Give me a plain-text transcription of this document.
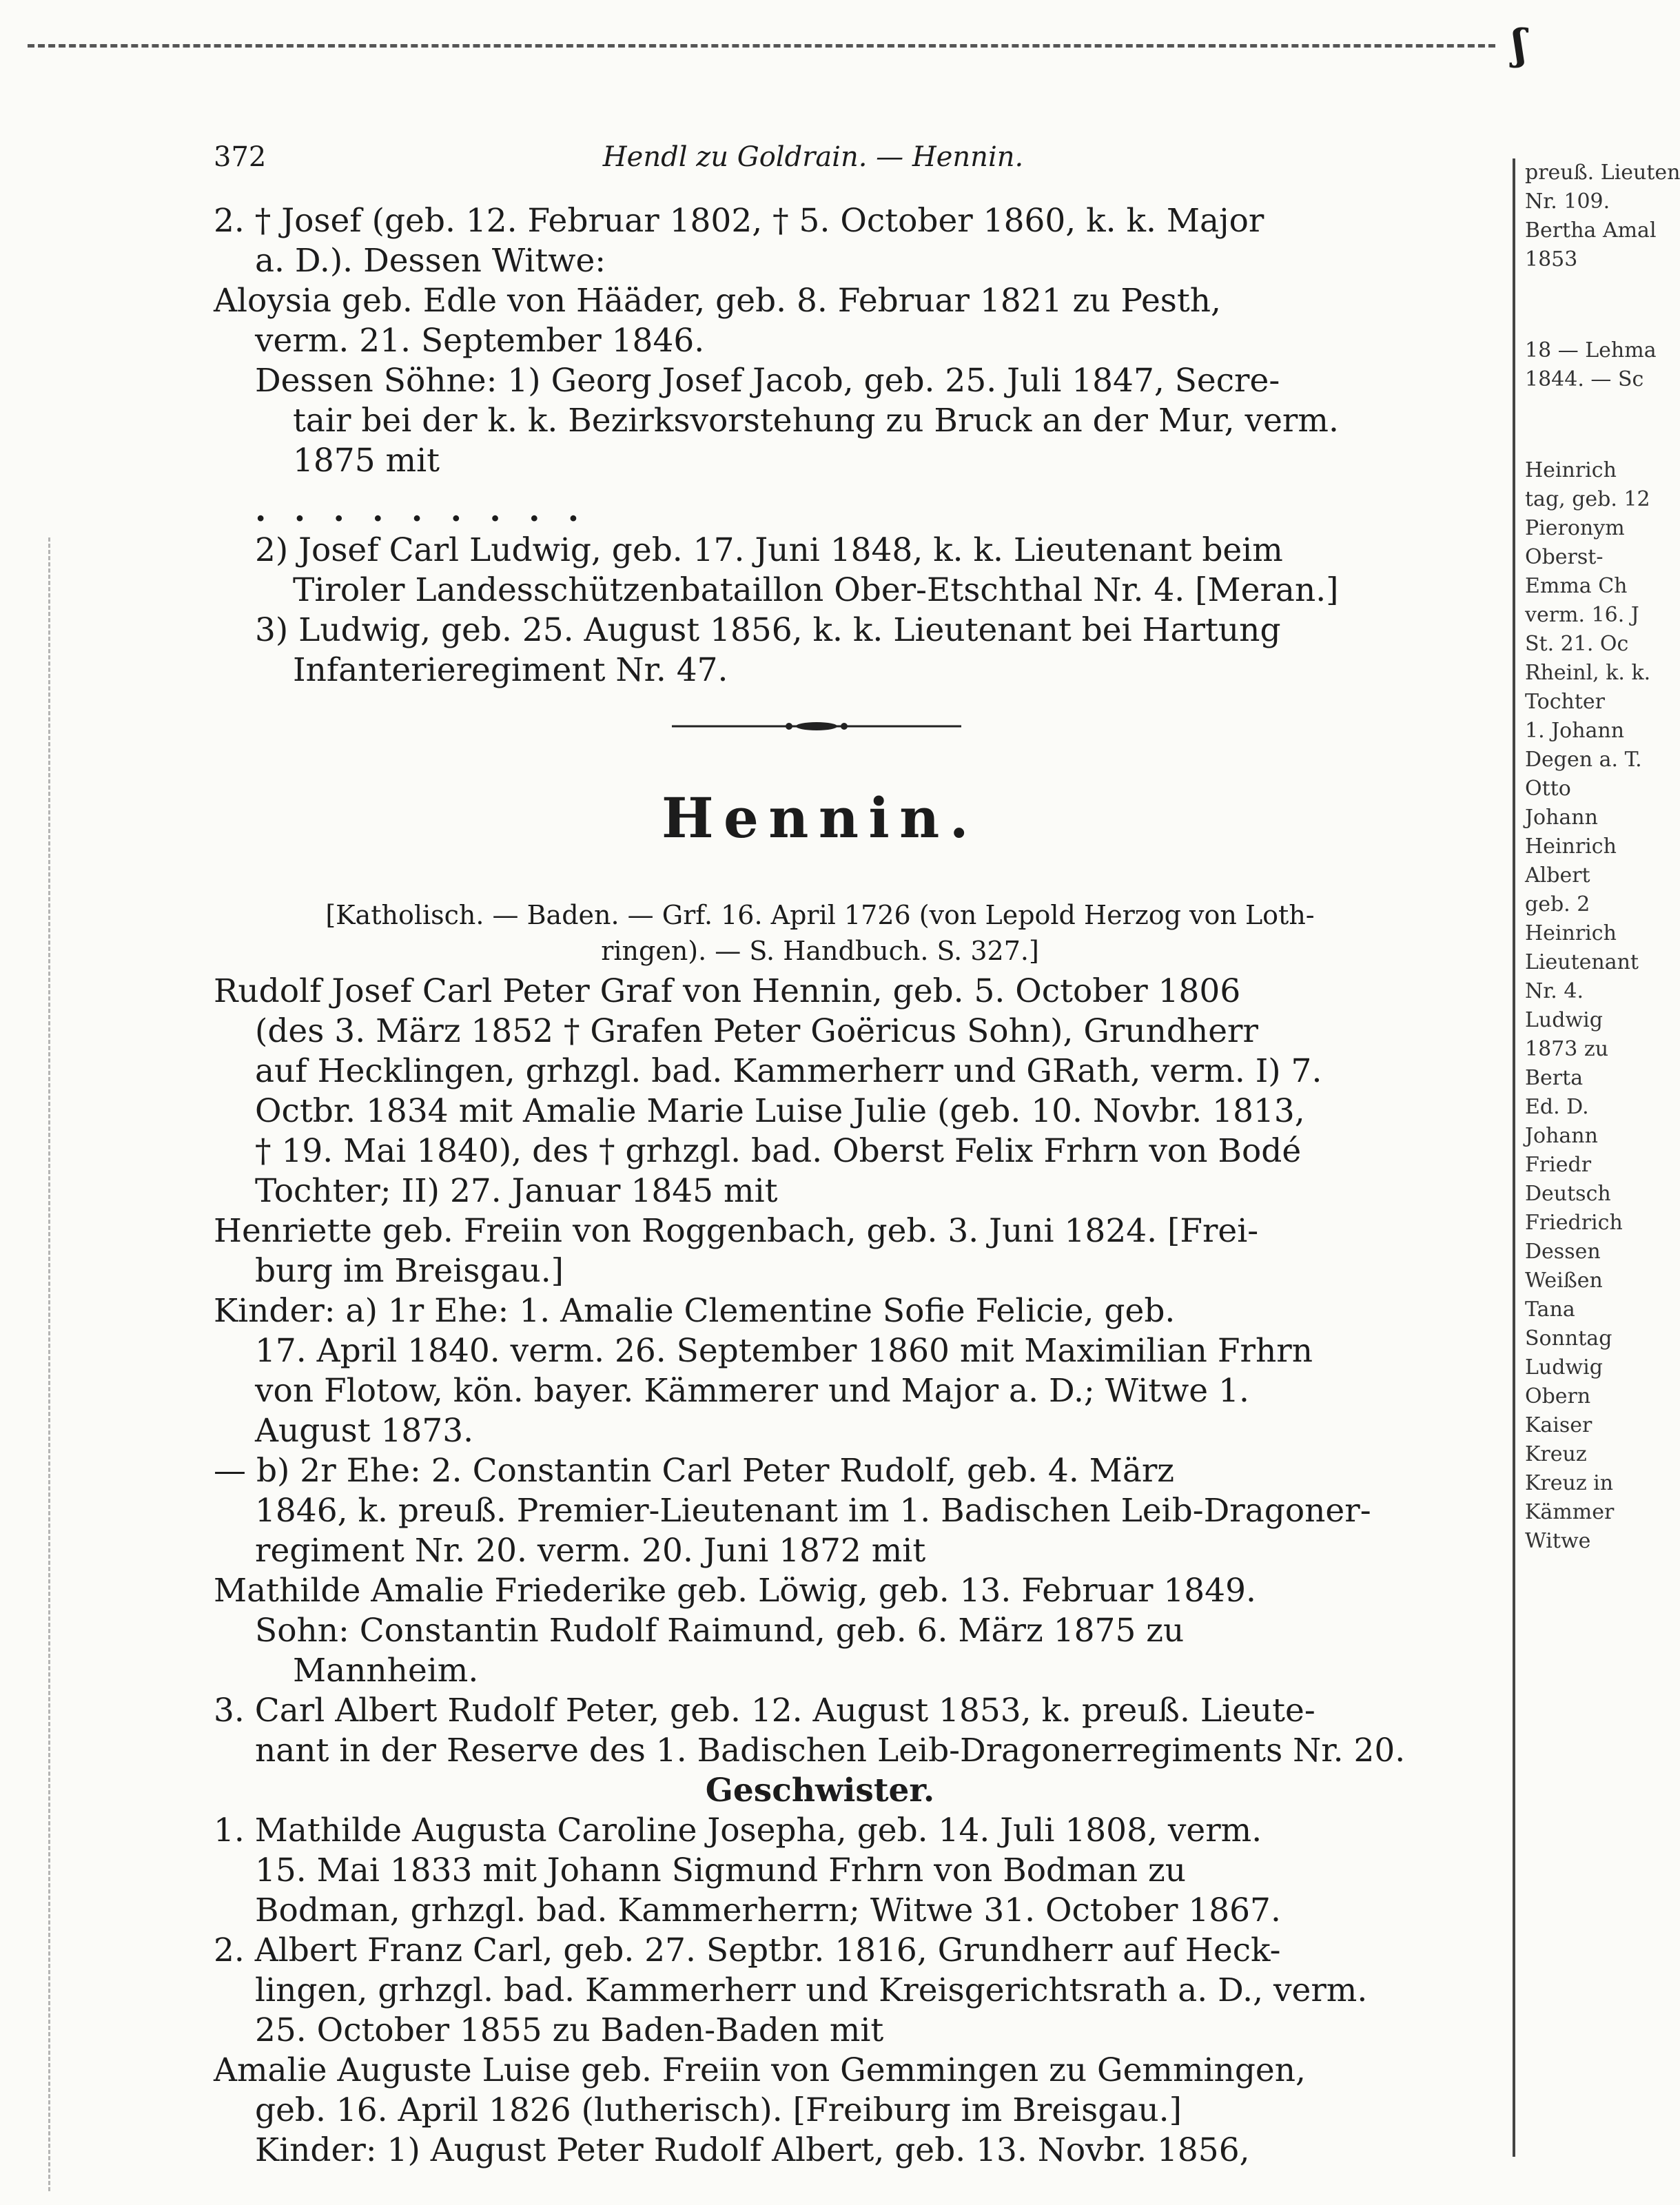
ʃ
372	Hendl zu Goldrain. — Hennin.
2. † Josef (geb. 12. Februar 1802, † 5. October 1860, k. k. Major
a. D.). Dessen Witwe:
Aloysia geb. Edle von Hääder, geb. 8. Februar 1821 zu Pesth,
verm. 21. September 1846.
Dessen Söhne: 1) Georg Josef Jacob, geb. 25. Juli 1847, Secre-
tair bei der k. k. Bezirksvorstehung zu Bruck an der Mur, verm.
1875 mit
. . . . . . . . .
2) Josef Carl Ludwig, geb. 17. Juni 1848, k. k. Lieutenant beim
Tiroler Landesschützenbataillon Ober-Etschthal Nr. 4. [Meran.]
3) Ludwig, geb. 25. August 1856, k. k. Lieutenant bei Hartung
Infanterieregiment Nr. 47.
Hennin.
[Katholisch. — Baden. — Grf. 16. April 1726 (von Lepold Herzog von Loth-
ringen). — S. Handbuch. S. 327.]
Rudolf Josef Carl Peter Graf von Hennin, geb. 5. October 1806
(des 3. März 1852 † Grafen Peter Goëricus Sohn), Grundherr
auf Hecklingen, grhzgl. bad. Kammerherr und GRath, verm. I) 7.
Octbr. 1834 mit Amalie Marie Luise Julie (geb. 10. Novbr. 1813,
† 19. Mai 1840), des † grhzgl. bad. Oberst Felix Frhrn von Bodé
Tochter; II) 27. Januar 1845 mit
Henriette geb. Freiin von Roggenbach, geb. 3. Juni 1824. [Frei-
burg im Breisgau.]
Kinder: a) 1r Ehe: 1. Amalie Clementine Sofie Felicie, geb.
17. April 1840. verm. 26. September 1860 mit Maximilian Frhrn
von Flotow, kön. bayer. Kämmerer und Major a. D.; Witwe 1.
August 1873.
— b) 2r Ehe: 2. Constantin Carl Peter Rudolf, geb. 4. März
1846, k. preuß. Premier-Lieutenant im 1. Badischen Leib-Dragoner-
regiment Nr. 20. verm. 20. Juni 1872 mit
Mathilde Amalie Friederike geb. Löwig, geb. 13. Februar 1849.
Sohn: Constantin Rudolf Raimund, geb. 6. März 1875 zu
Mannheim.
3. Carl Albert Rudolf Peter, geb. 12. August 1853, k. preuß. Lieute-
nant in der Reserve des 1. Badischen Leib-Dragonerregiments Nr. 20.
Geschwister.
1. Mathilde Augusta Caroline Josepha, geb. 14. Juli 1808, verm.
15. Mai 1833 mit Johann Sigmund Frhrn von Bodman zu
Bodman, grhzgl. bad. Kammerherrn; Witwe 31. October 1867.
2. Albert Franz Carl, geb. 27. Septbr. 1816, Grundherr auf Heck-
lingen, grhzgl. bad. Kammerherr und Kreisgerichtsrath a. D., verm.
25. October 1855 zu Baden-Baden mit
Amalie Auguste Luise geb. Freiin von Gemmingen zu Gemmingen,
geb. 16. April 1826 (lutherisch). [Freiburg im Breisgau.]
Kinder: 1) August Peter Rudolf Albert, geb. 13. Novbr. 1856,
preuß. Lieuten
Nr. 109.
Bertha Amal
1853
18 — Lehma
1844. — Sc
Heinrich
tag, geb. 12
Pieronym
Oberst-
Emma Ch
verm. 16. J
St. 21. Oc
Rheinl, k. k.
Tochter
1. Johann
Degen a. T.
Otto
Johann
Heinrich
Albert
geb. 2
Heinrich
Lieutenant
Nr. 4.
Ludwig
1873 zu
Berta
Ed. D.
Johann
Friedr
Deutsch
Friedrich
Dessen
Weißen
Tana
Sonntag
Ludwig
Obern
Kaiser
Kreuz
Kreuz in
Kämmer
Witwe
